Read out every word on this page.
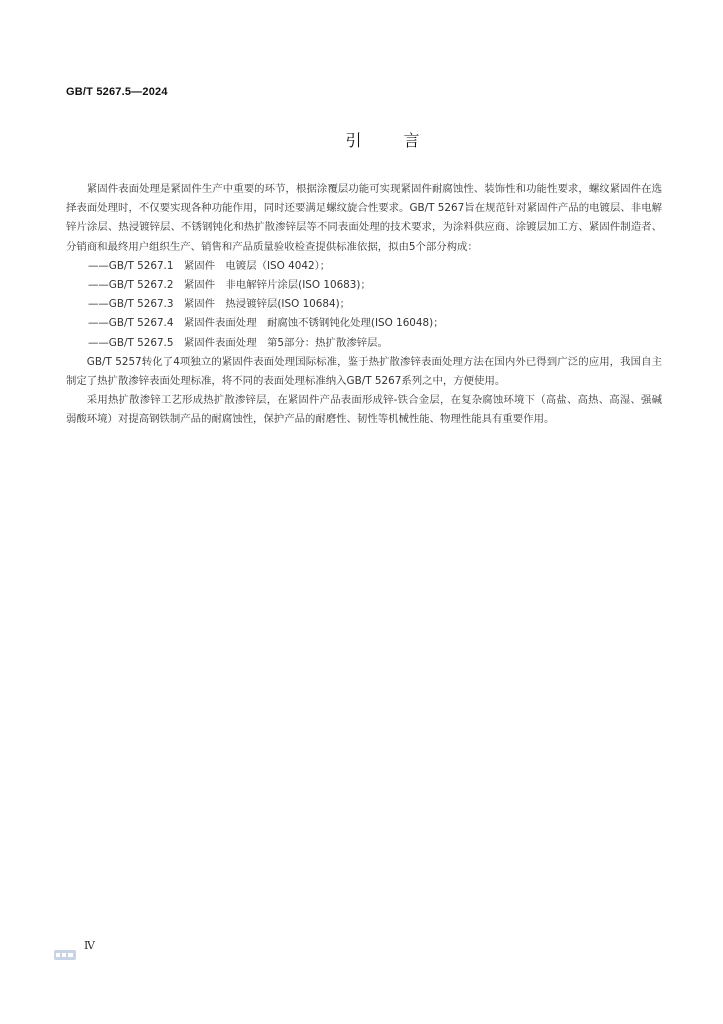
GB/T 5267.5—2024
引言

紧固件表面处理是紧固件生产中重要的环节，根据涂覆层功能可实现紧固件耐腐蚀性、装饰性和功能性要求，螺纹紧固件在选择表面处理时，不仅要实现各种功能作用，同时还要满足螺纹旋合性要求。GB/T 5267旨在规范针对紧固件产品的电镀层、非电解锌片涂层、热浸镀锌层、不锈钢钝化和热扩散渗锌层等不同表面处理的技术要求，为涂料供应商、涂镀层加工方、紧固件制造者、分销商和最终用户组织生产、销售和产品质量验收检查提供标准依据，拟由5个部分构成：

——GB/T 5267.1　紧固件　电镀层（ISO 4042）；
——GB/T 5267.2　紧固件　非电解锌片涂层(ISO 10683)；
——GB/T 5267.3　紧固件　热浸镀锌层(ISO 10684)；
——GB/T 5267.4　紧固件表面处理　耐腐蚀不锈钢钝化处理(ISO 16048)；
——GB/T 5267.5　紧固件表面处理　第5部分：热扩散渗锌层。

GB/T 5257转化了4项独立的紧固件表面处理国际标准，鉴于热扩散渗锌表面处理方法在国内外已得到广泛的应用，我国自主制定了热扩散渗锌表面处理标准，将不同的表面处理标准纳入GB/T 5267系列之中，方便使用。

采用热扩散渗锌工艺形成热扩散渗锌层，在紧固件产品表面形成锌-铁合金层，在复杂腐蚀环境下（高盐、高热、高湿、强碱弱酸环境）对提高钢铁制产品的耐腐蚀性，保护产品的耐磨性、韧性等机械性能、物理性能具有重要作用。

Ⅳ
